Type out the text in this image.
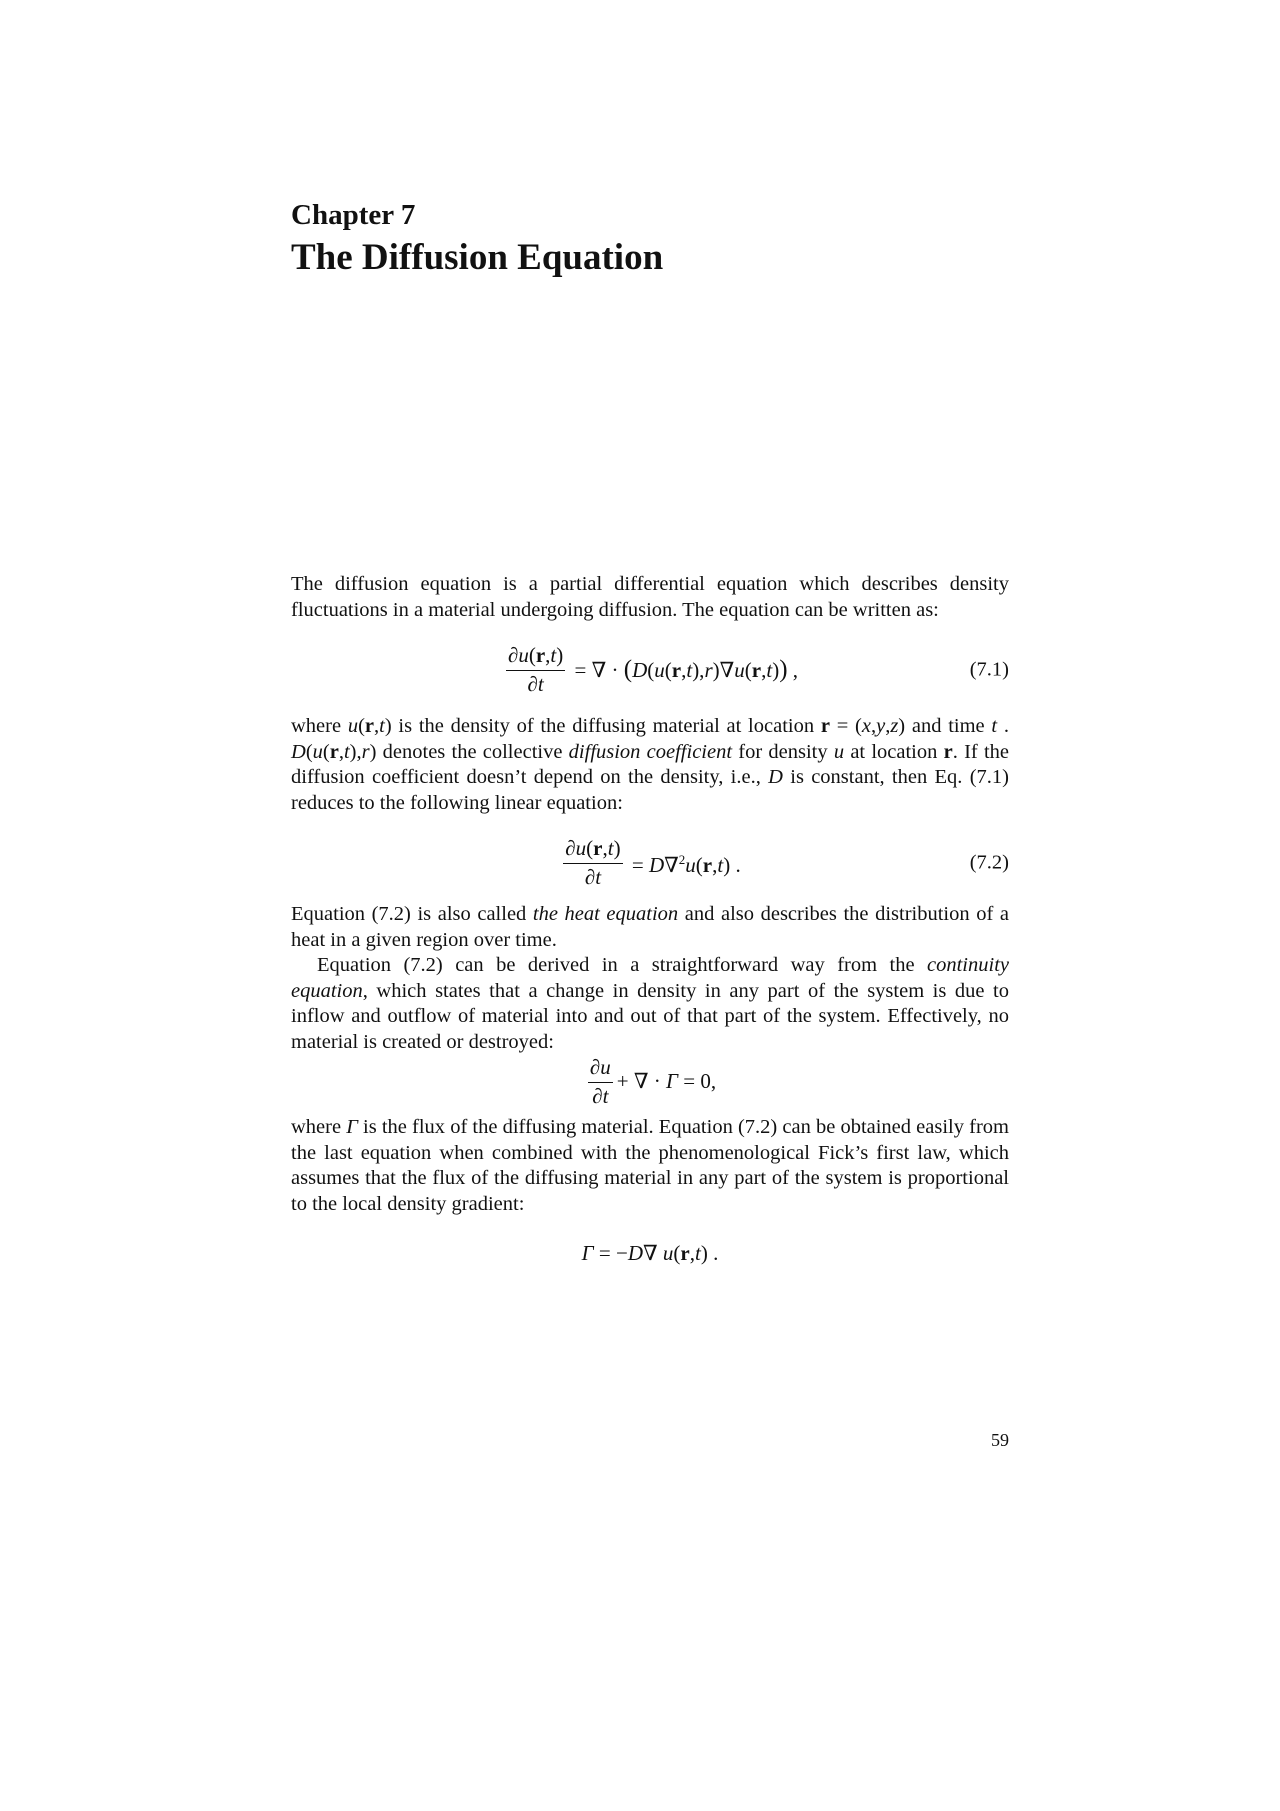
Chapter 7
The Diffusion Equation

The diffusion equation is a partial differential equation which describes density fluctuations in a material undergoing diffusion. The equation can be written as:

$\frac{\partial u(r,t)}{\partial t}$ = ∇ · (D(u(r,t),r)∇u(r,t)) ,	(7.1)

where u(r,t) is the density of the diffusing material at location r = (x,y,z) and time t . D(u(r,t),r) denotes the collective diffusion coefficient for density u at location r. If the diffusion coefficient doesn’t depend on the density, i.e., D is constant, then Eq. (7.1) reduces to the following linear equation:

$\frac{\partial u(r,t)}{\partial t} = D\nabla^2u(r,t)$ .	(7.2)

Equation (7.2) is also called the heat equation and also describes the distribution of a heat in a given region over time.

Equation (7.2) can be derived in a straightforward way from the continuity equation, which states that a change in density in any part of the system is due to inflow and outflow of material into and out of that part of the system. Effectively, no material is created or destroyed:

$\frac{\partial u}{\partial t}$ + ∇ · Γ = 0,

where Γ is the flux of the diffusing material. Equation (7.2) can be obtained easily from the last equation when combined with the phenomenological Fick’s first law, which assumes that the flux of the diffusing material in any part of the system is proportional to the local density gradient:

Γ = −D∇ u(r,t) .
59
